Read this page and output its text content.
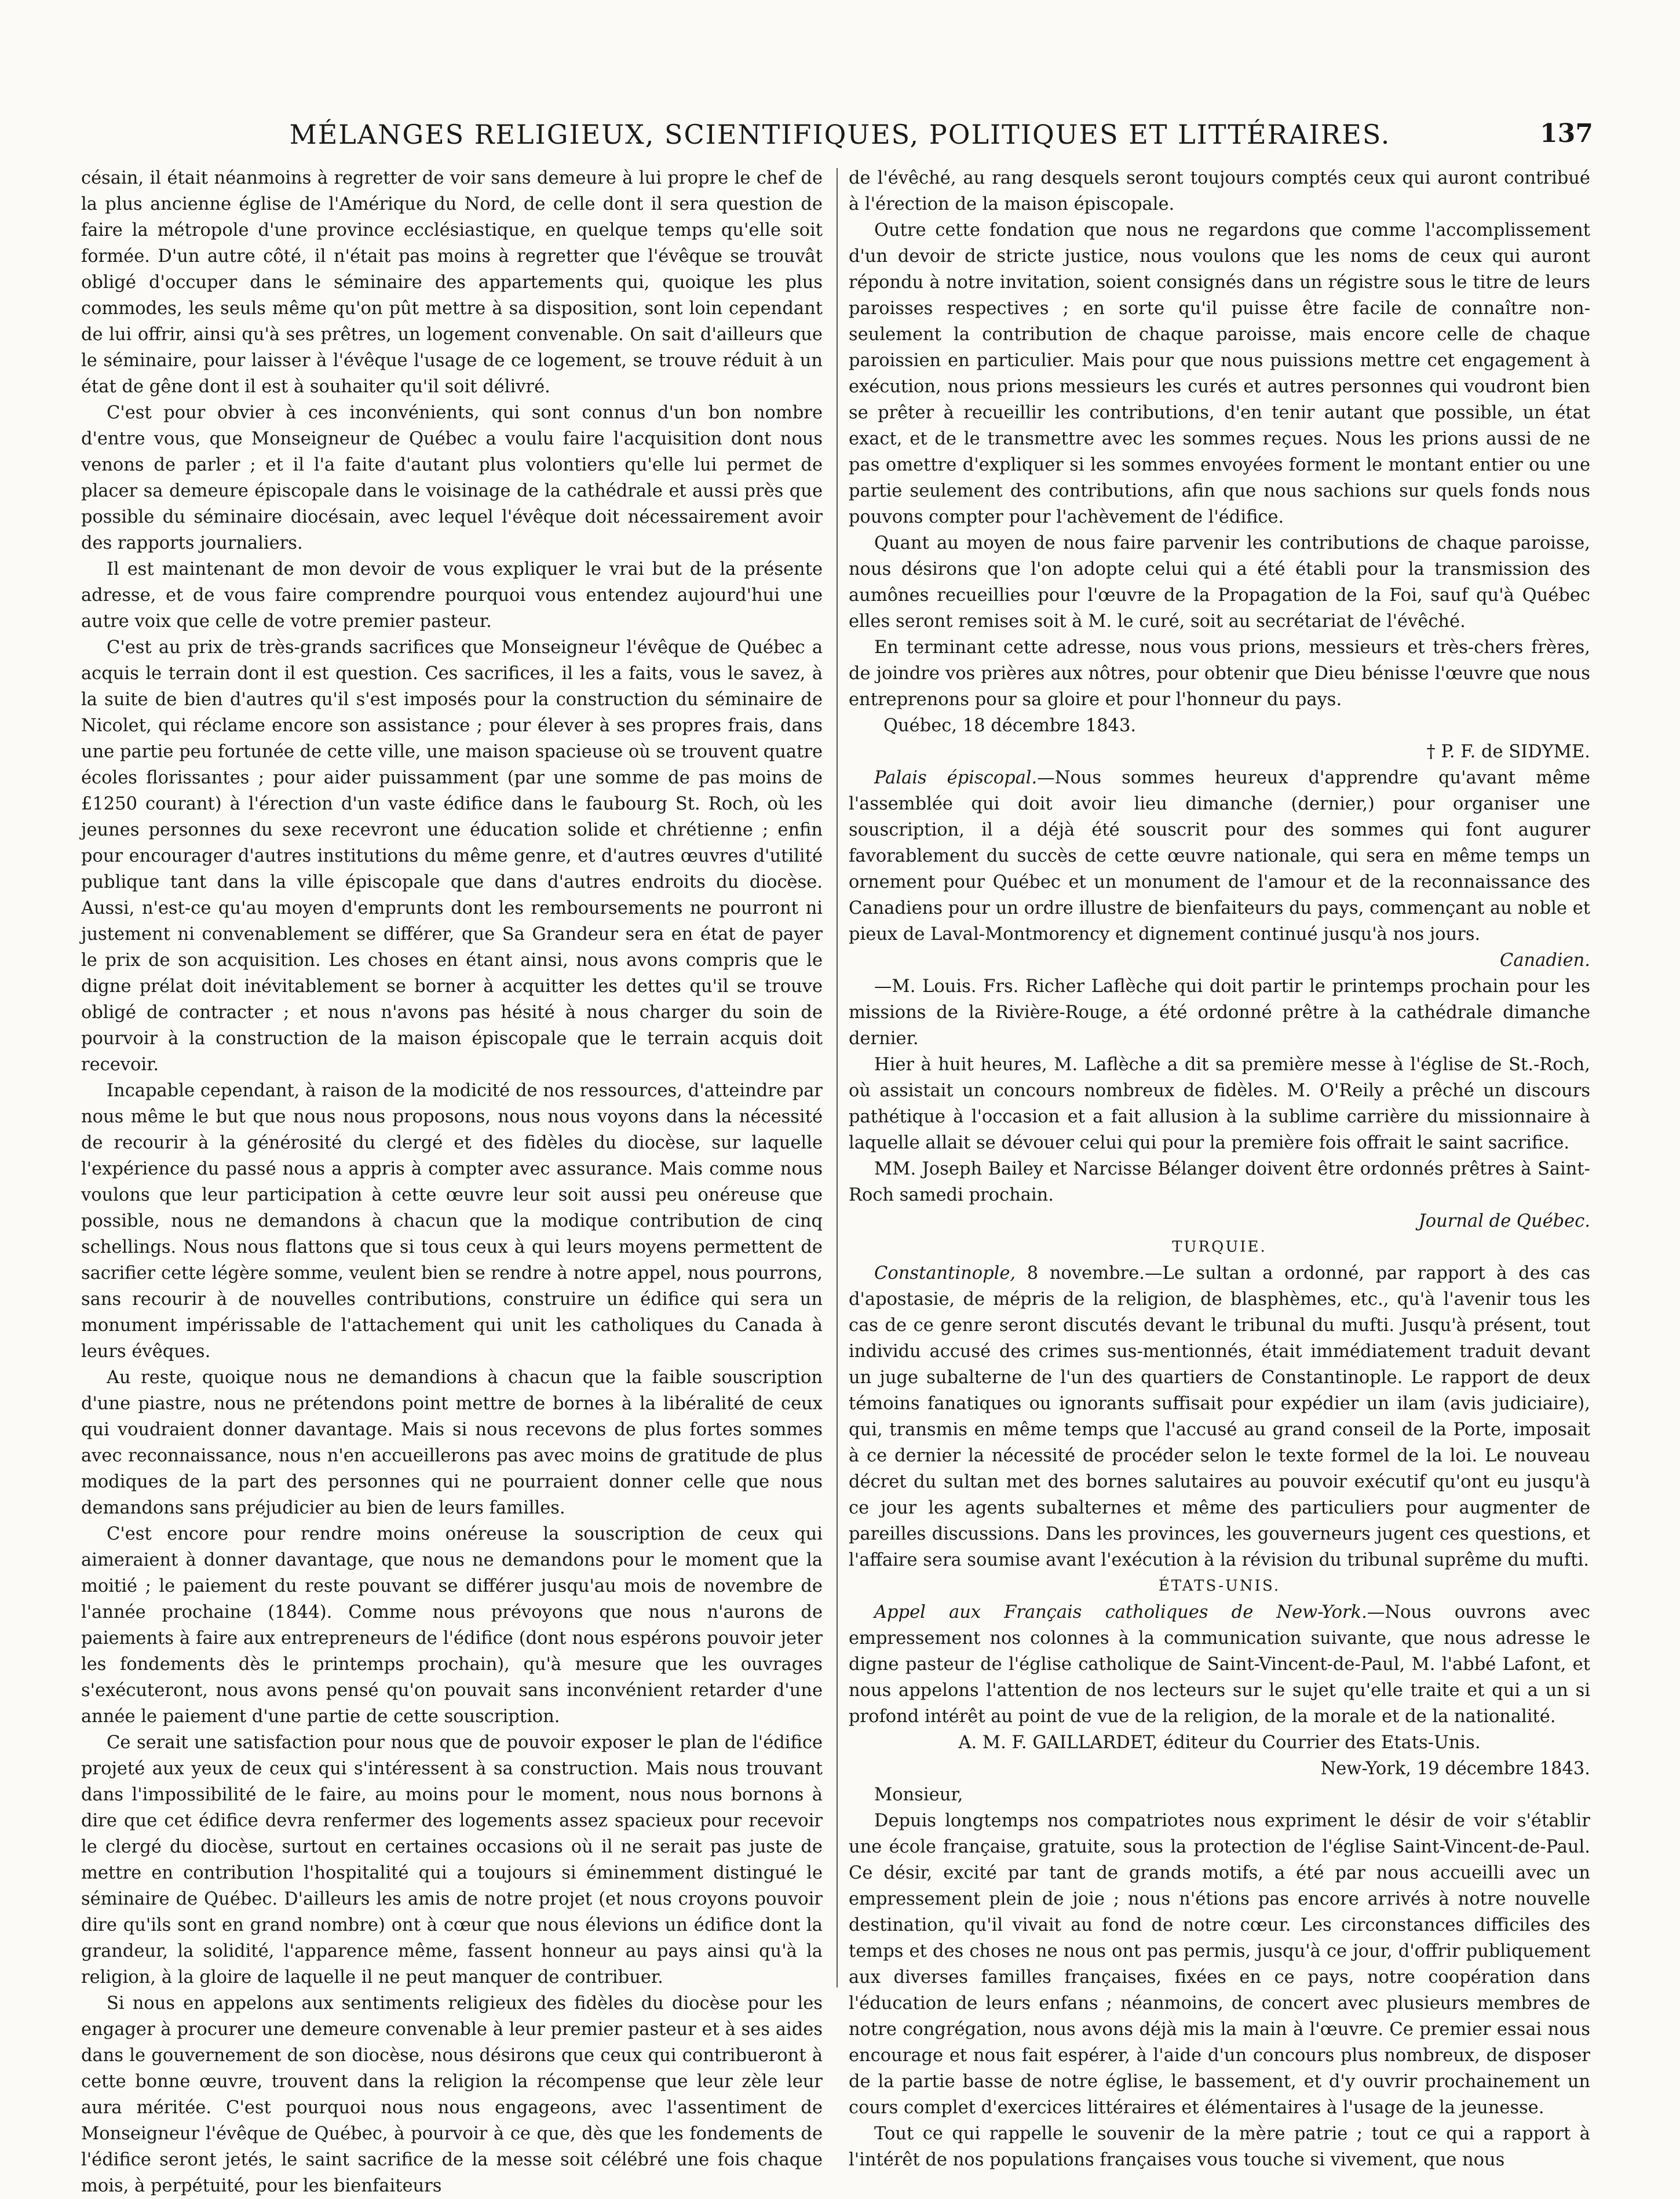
MÉLANGES RELIGIEUX, SCIENTIFIQUES, POLITIQUES ET LITTÉRAIRES.	137

césain, il était néanmoins à regretter de voir sans demeure à lui propre le chef de la plus ancienne église de l'Amérique du Nord, de celle dont il sera question de faire la métropole d'une province ecclésiastique, en quelque temps qu'elle soit formée. D'un autre côté, il n'était pas moins à regretter que l'évêque se trouvât obligé d'occuper dans le séminaire des appartements qui, quoique les plus commodes, les seuls même qu'on pût mettre à sa disposition, sont loin cependant de lui offrir, ainsi qu'à ses prêtres, un logement convenable. On sait d'ailleurs que le séminaire, pour laisser à l'évêque l'usage de ce logement, se trouve réduit à un état de gêne dont il est à souhaiter qu'il soit délivré.

C'est pour obvier à ces inconvénients, qui sont connus d'un bon nombre d'entre vous, que Monseigneur de Québec a voulu faire l'acquisition dont nous venons de parler ; et il l'a faite d'autant plus volontiers qu'elle lui permet de placer sa demeure épiscopale dans le voisinage de la cathédrale et aussi près que possible du séminaire diocésain, avec lequel l'évêque doit nécessairement avoir des rapports journaliers.

Il est maintenant de mon devoir de vous expliquer le vrai but de la présente adresse, et de vous faire comprendre pourquoi vous entendez aujourd'hui une autre voix que celle de votre premier pasteur.

C'est au prix de très-grands sacrifices que Monseigneur l'évêque de Québec a acquis le terrain dont il est question. Ces sacrifices, il les a faits, vous le savez, à la suite de bien d'autres qu'il s'est imposés pour la construction du séminaire de Nicolet, qui réclame encore son assistance ; pour élever à ses propres frais, dans une partie peu fortunée de cette ville, une maison spacieuse où se trouvent quatre écoles florissantes ; pour aider puissamment (par une somme de pas moins de £1250 courant) à l'érection d'un vaste édifice dans le faubourg St. Roch, où les jeunes personnes du sexe recevront une éducation solide et chrétienne ; enfin pour encourager d'autres institutions du même genre, et d'autres œuvres d'utilité publique tant dans la ville épiscopale que dans d'autres endroits du diocèse. Aussi, n'est-ce qu'au moyen d'emprunts dont les remboursements ne pourront ni justement ni convenablement se différer, que Sa Grandeur sera en état de payer le prix de son acquisition. Les choses en étant ainsi, nous avons compris que le digne prélat doit inévitablement se borner à acquitter les dettes qu'il se trouve obligé de contracter ; et nous n'avons pas hésité à nous charger du soin de pourvoir à la construction de la maison épiscopale que le terrain acquis doit recevoir.

Incapable cependant, à raison de la modicité de nos ressources, d'atteindre par nous même le but que nous nous proposons, nous nous voyons dans la nécessité de recourir à la générosité du clergé et des fidèles du diocèse, sur laquelle l'expérience du passé nous a appris à compter avec assurance. Mais comme nous voulons que leur participation à cette œuvre leur soit aussi peu onéreuse que possible, nous ne demandons à chacun que la modique contribution de cinq schellings. Nous nous flattons que si tous ceux à qui leurs moyens permettent de sacrifier cette légère somme, veulent bien se rendre à notre appel, nous pourrons, sans recourir à de nouvelles contributions, construire un édifice qui sera un monument impérissable de l'attachement qui unit les catholiques du Canada à leurs évêques.

Au reste, quoique nous ne demandions à chacun que la faible souscription d'une piastre, nous ne prétendons point mettre de bornes à la libéralité de ceux qui voudraient donner davantage. Mais si nous recevons de plus fortes sommes avec reconnaissance, nous n'en accueillerons pas avec moins de gratitude de plus modiques de la part des personnes qui ne pourraient donner celle que nous demandons sans préjudicier au bien de leurs familles.

C'est encore pour rendre moins onéreuse la souscription de ceux qui aimeraient à donner davantage, que nous ne demandons pour le moment que la moitié ; le paiement du reste pouvant se différer jusqu'au mois de novembre de l'année prochaine (1844). Comme nous prévoyons que nous n'aurons de paiements à faire aux entrepreneurs de l'édifice (dont nous espérons pouvoir jeter les fondements dès le printemps prochain), qu'à mesure que les ouvrages s'exécuteront, nous avons pensé qu'on pouvait sans inconvénient retarder d'une année le paiement d'une partie de cette souscription.

Ce serait une satisfaction pour nous que de pouvoir exposer le plan de l'édifice projeté aux yeux de ceux qui s'intéressent à sa construction. Mais nous trouvant dans l'impossibilité de le faire, au moins pour le moment, nous nous bornons à dire que cet édifice devra renfermer des logements assez spacieux pour recevoir le clergé du diocèse, surtout en certaines occasions où il ne serait pas juste de mettre en contribution l'hospitalité qui a toujours si éminemment distingué le séminaire de Québec. D'ailleurs les amis de notre projet (et nous croyons pouvoir dire qu'ils sont en grand nombre) ont à cœur que nous élevions un édifice dont la grandeur, la solidité, l'apparence même, fassent honneur au pays ainsi qu'à la religion, à la gloire de laquelle il ne peut manquer de contribuer.

Si nous en appelons aux sentiments religieux des fidèles du diocèse pour les engager à procurer une demeure convenable à leur premier pasteur et à ses aides dans le gouvernement de son diocèse, nous désirons que ceux qui contribueront à cette bonne œuvre, trouvent dans la religion la récompense que leur zèle leur aura méritée. C'est pourquoi nous nous engageons, avec l'assentiment de Monseigneur l'évêque de Québec, à pourvoir à ce que, dès que les fondements de l'édifice seront jetés, le saint sacrifice de la messe soit célébré une fois chaque mois, à perpétuité, pour les bienfaiteurs

de l'évêché, au rang desquels seront toujours comptés ceux qui auront contribué à l'érection de la maison épiscopale.

Outre cette fondation que nous ne regardons que comme l'accomplissement d'un devoir de stricte justice, nous voulons que les noms de ceux qui auront répondu à notre invitation, soient consignés dans un régistre sous le titre de leurs paroisses respectives ; en sorte qu'il puisse être facile de connaître non-seulement la contribution de chaque paroisse, mais encore celle de chaque paroissien en particulier. Mais pour que nous puissions mettre cet engagement à exécution, nous prions messieurs les curés et autres personnes qui voudront bien se prêter à recueillir les contributions, d'en tenir autant que possible, un état exact, et de le transmettre avec les sommes reçues. Nous les prions aussi de ne pas omettre d'expliquer si les sommes envoyées forment le montant entier ou une partie seulement des contributions, afin que nous sachions sur quels fonds nous pouvons compter pour l'achèvement de l'édifice.

Quant au moyen de nous faire parvenir les contributions de chaque paroisse, nous désirons que l'on adopte celui qui a été établi pour la transmission des aumônes recueillies pour l'œuvre de la Propagation de la Foi, sauf qu'à Québec elles seront remises soit à M. le curé, soit au secrétariat de l'évêché.

En terminant cette adresse, nous vous prions, messieurs et très-chers frères, de joindre vos prières aux nôtres, pour obtenir que Dieu bénisse l'œuvre que nous entreprenons pour sa gloire et pour l'honneur du pays.

Québec, 18 décembre 1843.

† P. F. de SIDYME.

Palais épiscopal.—Nous sommes heureux d'apprendre qu'avant même l'assemblée qui doit avoir lieu dimanche (dernier,) pour organiser une souscription, il a déjà été souscrit pour des sommes qui font augurer favorablement du succès de cette œuvre nationale, qui sera en même temps un ornement pour Québec et un monument de l'amour et de la reconnaissance des Canadiens pour un ordre illustre de bienfaiteurs du pays, commençant au noble et pieux de Laval-Montmorency et dignement continué jusqu'à nos jours.

Canadien.

—M. Louis. Frs. Richer Laflèche qui doit partir le printemps prochain pour les missions de la Rivière-Rouge, a été ordonné prêtre à la cathédrale dimanche dernier.

Hier à huit heures, M. Laflèche a dit sa première messe à l'église de St.-Roch, où assistait un concours nombreux de fidèles. M. O'Reily a prêché un discours pathétique à l'occasion et a fait allusion à la sublime carrière du missionnaire à laquelle allait se dévouer celui qui pour la première fois offrait le saint sacrifice.

MM. Joseph Bailey et Narcisse Bélanger doivent être ordonnés prêtres à Saint-Roch samedi prochain.

Journal de Québec.

TURQUIE.

Constantinople, 8 novembre.—Le sultan a ordonné, par rapport à des cas d'apostasie, de mépris de la religion, de blasphèmes, etc., qu'à l'avenir tous les cas de ce genre seront discutés devant le tribunal du mufti. Jusqu'à présent, tout individu accusé des crimes sus-mentionnés, était immédiatement traduit devant un juge subalterne de l'un des quartiers de Constantinople. Le rapport de deux témoins fanatiques ou ignorants suffisait pour expédier un ilam (avis judiciaire), qui, transmis en même temps que l'accusé au grand conseil de la Porte, imposait à ce dernier la nécessité de procéder selon le texte formel de la loi. Le nouveau décret du sultan met des bornes salutaires au pouvoir exécutif qu'ont eu jusqu'à ce jour les agents subalternes et même des particuliers pour augmenter de pareilles discussions. Dans les provinces, les gouverneurs jugent ces questions, et l'affaire sera soumise avant l'exécution à la révision du tribunal suprême du mufti.

ÉTATS-UNIS.

Appel aux Français catholiques de New-York.—Nous ouvrons avec empressement nos colonnes à la communication suivante, que nous adresse le digne pasteur de l'église catholique de Saint-Vincent-de-Paul, M. l'abbé Lafont, et nous appelons l'attention de nos lecteurs sur le sujet qu'elle traite et qui a un si profond intérêt au point de vue de la religion, de la morale et de la nationalité.

A. M. F. GAILLARDET, éditeur du Courrier des Etats-Unis.

New-York, 19 décembre 1843.

Monsieur,

Depuis longtemps nos compatriotes nous expriment le désir de voir s'établir une école française, gratuite, sous la protection de l'église Saint-Vincent-de-Paul. Ce désir, excité par tant de grands motifs, a été par nous accueilli avec un empressement plein de joie ; nous n'étions pas encore arrivés à notre nouvelle destination, qu'il vivait au fond de notre cœur. Les circonstances difficiles des temps et des choses ne nous ont pas permis, jusqu'à ce jour, d'offrir publiquement aux diverses familles françaises, fixées en ce pays, notre coopération dans l'éducation de leurs enfans ; néanmoins, de concert avec plusieurs membres de notre congrégation, nous avons déjà mis la main à l'œuvre. Ce premier essai nous encourage et nous fait espérer, à l'aide d'un concours plus nombreux, de disposer de la partie basse de notre église, le bassement, et d'y ouvrir prochainement un cours complet d'exercices littéraires et élémentaires à l'usage de la jeunesse.

Tout ce qui rappelle le souvenir de la mère patrie ; tout ce qui a rapport à l'intérêt de nos populations françaises vous touche si vivement, que nous
